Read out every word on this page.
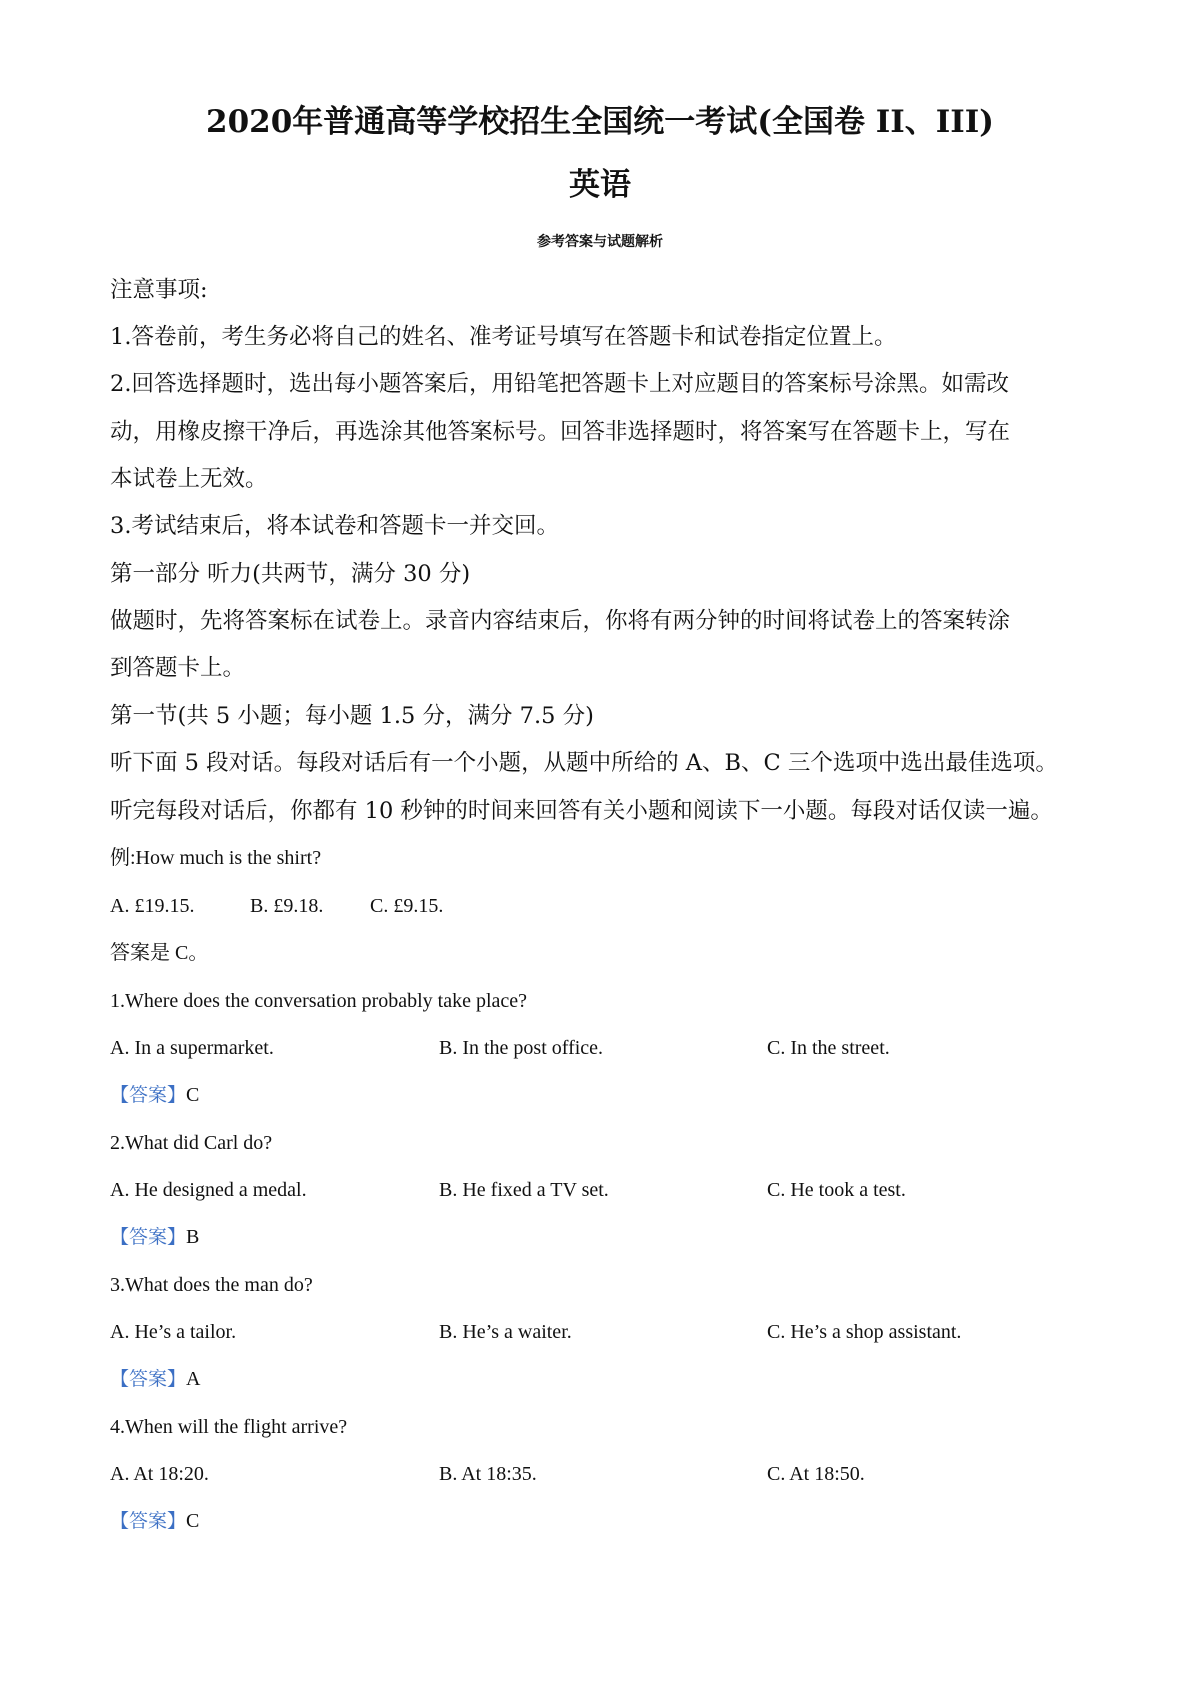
2020年普通高等学校招生全国统一考试(全国卷 II、III)
英语
参考答案与试题解析
注意事项:
1.答卷前，考生务必将自己的姓名、准考证号填写在答题卡和试卷指定位置上。
2.回答选择题时，选出每小题答案后，用铅笔把答题卡上对应题目的答案标号涂黑。如需改
动，用橡皮擦干净后，再选涂其他答案标号。回答非选择题时，将答案写在答题卡上，写在
本试卷上无效。
3.考试结束后，将本试卷和答题卡一并交回。
第一部分 听力(共两节，满分 30 分)
做题时，先将答案标在试卷上。录音内容结束后，你将有两分钟的时间将试卷上的答案转涂
到答题卡上。
第一节(共 5 小题；每小题 1.5 分，满分 7.5 分)
听下面 5 段对话。每段对话后有一个小题，从题中所给的 A、B、C 三个选项中选出最佳选项。
听完每段对话后，你都有 10 秒钟的时间来回答有关小题和阅读下一小题。每段对话仅读一遍。
例:How much is the shirt?
A. £19.15.	B. £9.18. C. £9.15.
答案是 C。
1.Where does the conversation probably take place?
A. In a supermarket.	B. In the post office.	C. In the street.
【答案】C
2.What did Carl do?
A. He designed a medal.	B. He fixed a TV set.	C. He took a test.
【答案】B
3.What does the man do?
A. He’s a tailor.	B. He’s a waiter.	C. He’s a shop assistant.
【答案】A
4.When will the flight arrive?
A. At 18:20.	B. At 18:35.	C. At 18:50.
【答案】C
